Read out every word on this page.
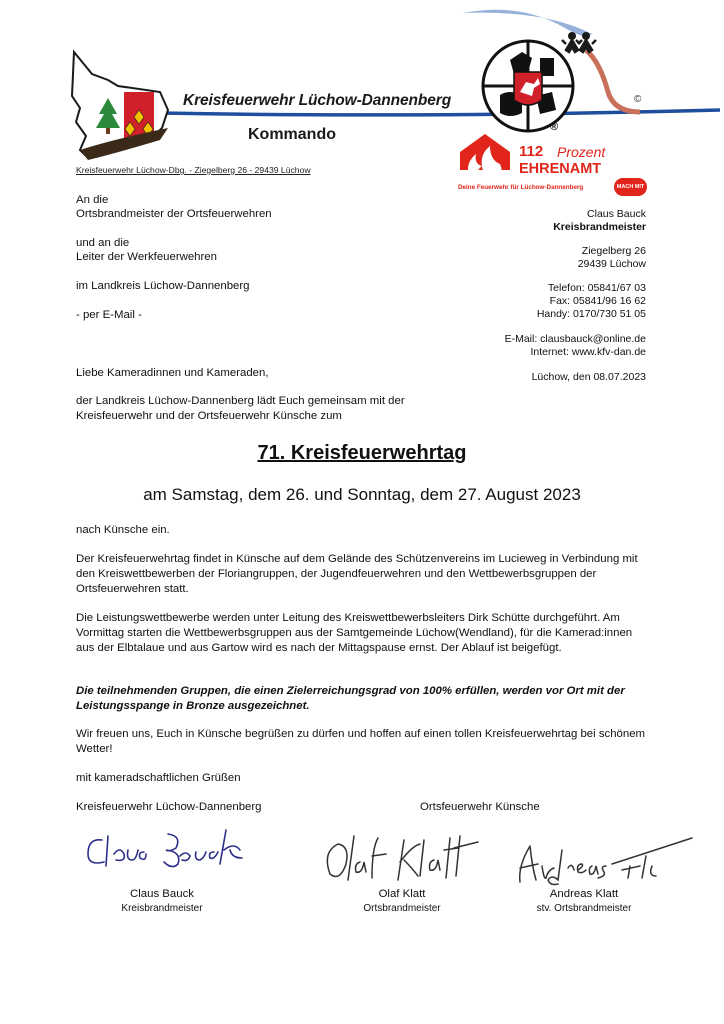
Kreisfeuerwehr Lüchow-Dannenberg
Kommando	®
©
Kreisfeuerwehr Lüchow-Dbg. - Ziegelberg 26 - 29439 Lüchow
112 Prozent
EHRENAMT
Deine Feuerwehr für Lüchow-Dannenberg	MACH MIT
An die
Ortsbrandmeister der Ortsfeuerwehren
und an die
Leiter der Werkfeuerwehren
im Landkreis Lüchow-Dannenberg
- per E-Mail -
Claus Bauck
Kreisbrandmeister
Ziegelberg 26
29439 Lüchow
Telefon: 05841/67 03
Fax: 05841/96 16 62
Handy: 0170/730 51 05
E-Mail: clausbauck@online.de
Internet: www.kfv-dan.de
Lüchow, den 08.07.2023
Liebe Kameradinnen und Kameraden,
der Landkreis Lüchow-Dannenberg lädt Euch gemeinsam mit der Kreisfeuerwehr und der Ortsfeuerwehr Künsche zum
71. Kreisfeuerwehrtag
am Samstag, dem 26. und Sonntag, dem 27. August 2023
nach Künsche ein.
Der Kreisfeuerwehrtag findet in Künsche auf dem Gelände des Schützenvereins im Lucieweg in Verbindung mit den Kreiswettbewerben der Floriangruppen, der Jugendfeuerwehren und den Wettbewerbsgruppen der Ortsfeuerwehren statt.
Die Leistungswettbewerbe werden unter Leitung des Kreiswettbewerbsleiters Dirk Schütte durchgeführt. Am Vormittag starten die Wettbewerbsgruppen aus der Samtgemeinde Lüchow(Wendland), für die Kamerad:innen aus der Elbtalaue und aus Gartow wird es nach der Mittagspause ernst. Der Ablauf ist beigefügt.
Die teilnehmenden Gruppen, die einen Zielerreichungsgrad von 100% erfüllen, werden vor Ort mit der Leistungsspange in Bronze ausgezeichnet.
Wir freuen uns, Euch in Künsche begrüßen zu dürfen und hoffen auf einen tollen Kreisfeuerwehrtag bei schönem Wetter!
mit kameradschaftlichen Grüßen
Kreisfeuerwehr Lüchow-Dannenberg	Ortsfeuerwehr Künsche
Claus Bauck
Kreisbrandmeister
Olaf Klatt
Ortsbrandmeister
Andreas Klatt
stv. Ortsbrandmeister
